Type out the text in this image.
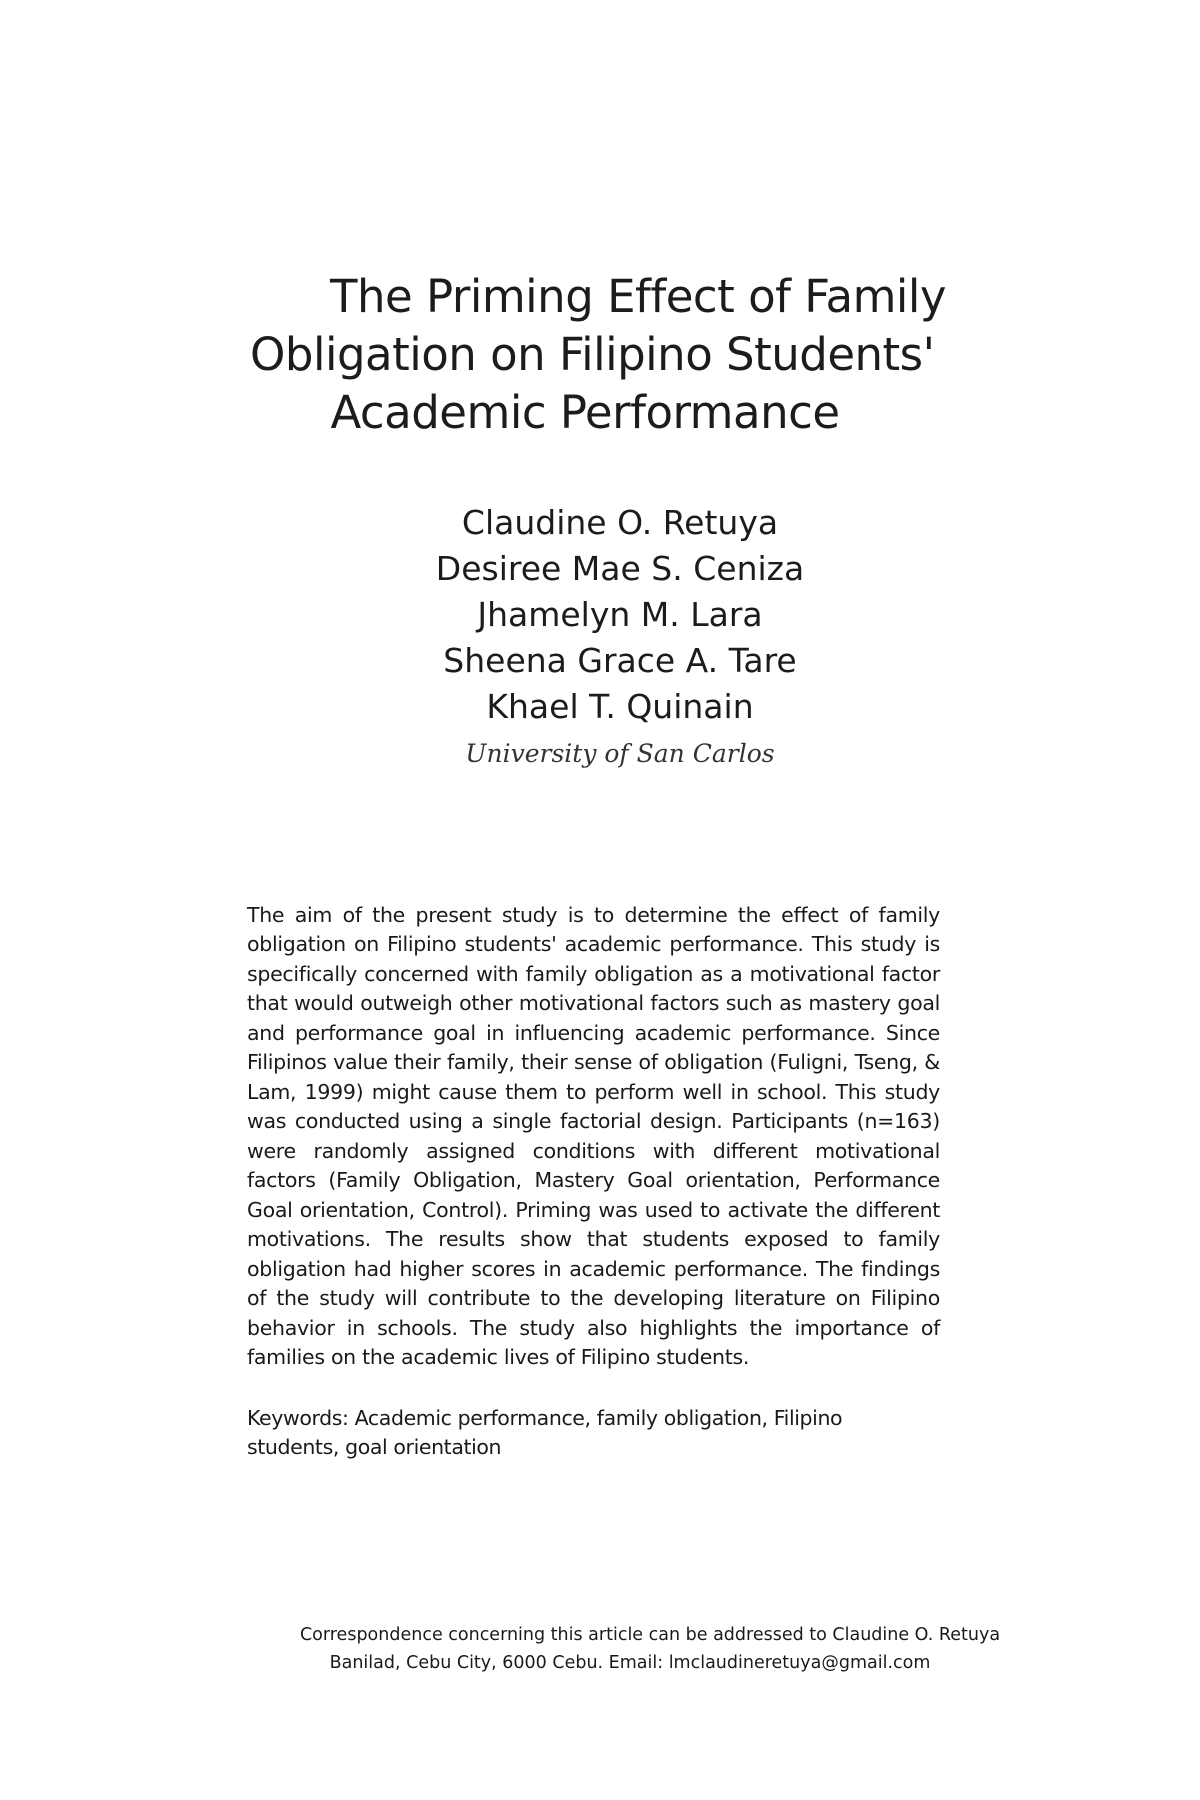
The Priming Effect of Family
Obligation on Filipino Students'
Academic Performance
Claudine O. Retuya
Desiree Mae S. Ceniza
Jhamelyn M. Lara
Sheena Grace A. Tare
Khael T. Quinain
University of San Carlos

The aim of the present study is to determine the effect of family obligation on Filipino students' academic performance. This study is specifically concerned with family obligation as a motivational factor that would outweigh other motivational factors such as mastery goal and performance goal in influencing academic performance. Since Filipinos value their family, their sense of obligation (Fuligni, Tseng, & Lam, 1999) might cause them to perform well in school. This study was conducted using a single factorial design. Participants (n=163) were randomly assigned conditions with different motivational factors (Family Obligation, Mastery Goal orientation, Performance Goal orientation, Control). Priming was used to activate the different motivations. The results show that students exposed to family obligation had higher scores in academic performance. The findings of the study will contribute to the developing literature on Filipino behavior in schools. The study also highlights the importance of families on the academic lives of Filipino students.

Keywords: Academic performance, family obligation, Filipino students, goal orientation

Correspondence concerning this article can be addressed to Claudine O. Retuya
Banilad, Cebu City, 6000 Cebu. Email: lmclaudineretuya@gmail.com
